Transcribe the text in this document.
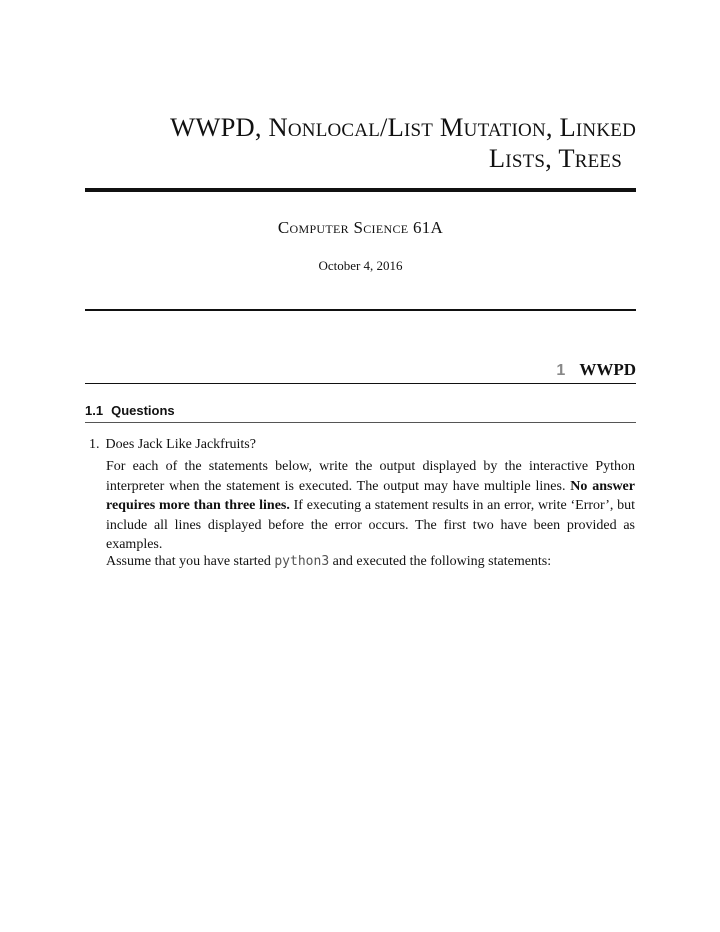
WWPD, Nonlocal/List Mutation, Linked
Lists, Trees
Computer Science 61A
October 4, 2016
1 WWPD
1.1 Questions
1. Does Jack Like Jackfruits?

For each of the statements below, write the output displayed by the interactive Python interpreter when the statement is executed. The output may have multiple lines. No answer requires more than three lines. If executing a statement results in an error, write ‘Error’, but include all lines displayed before the error occurs. The first two have been provided as examples.

Assume that you have started python3 and executed the following statements:
